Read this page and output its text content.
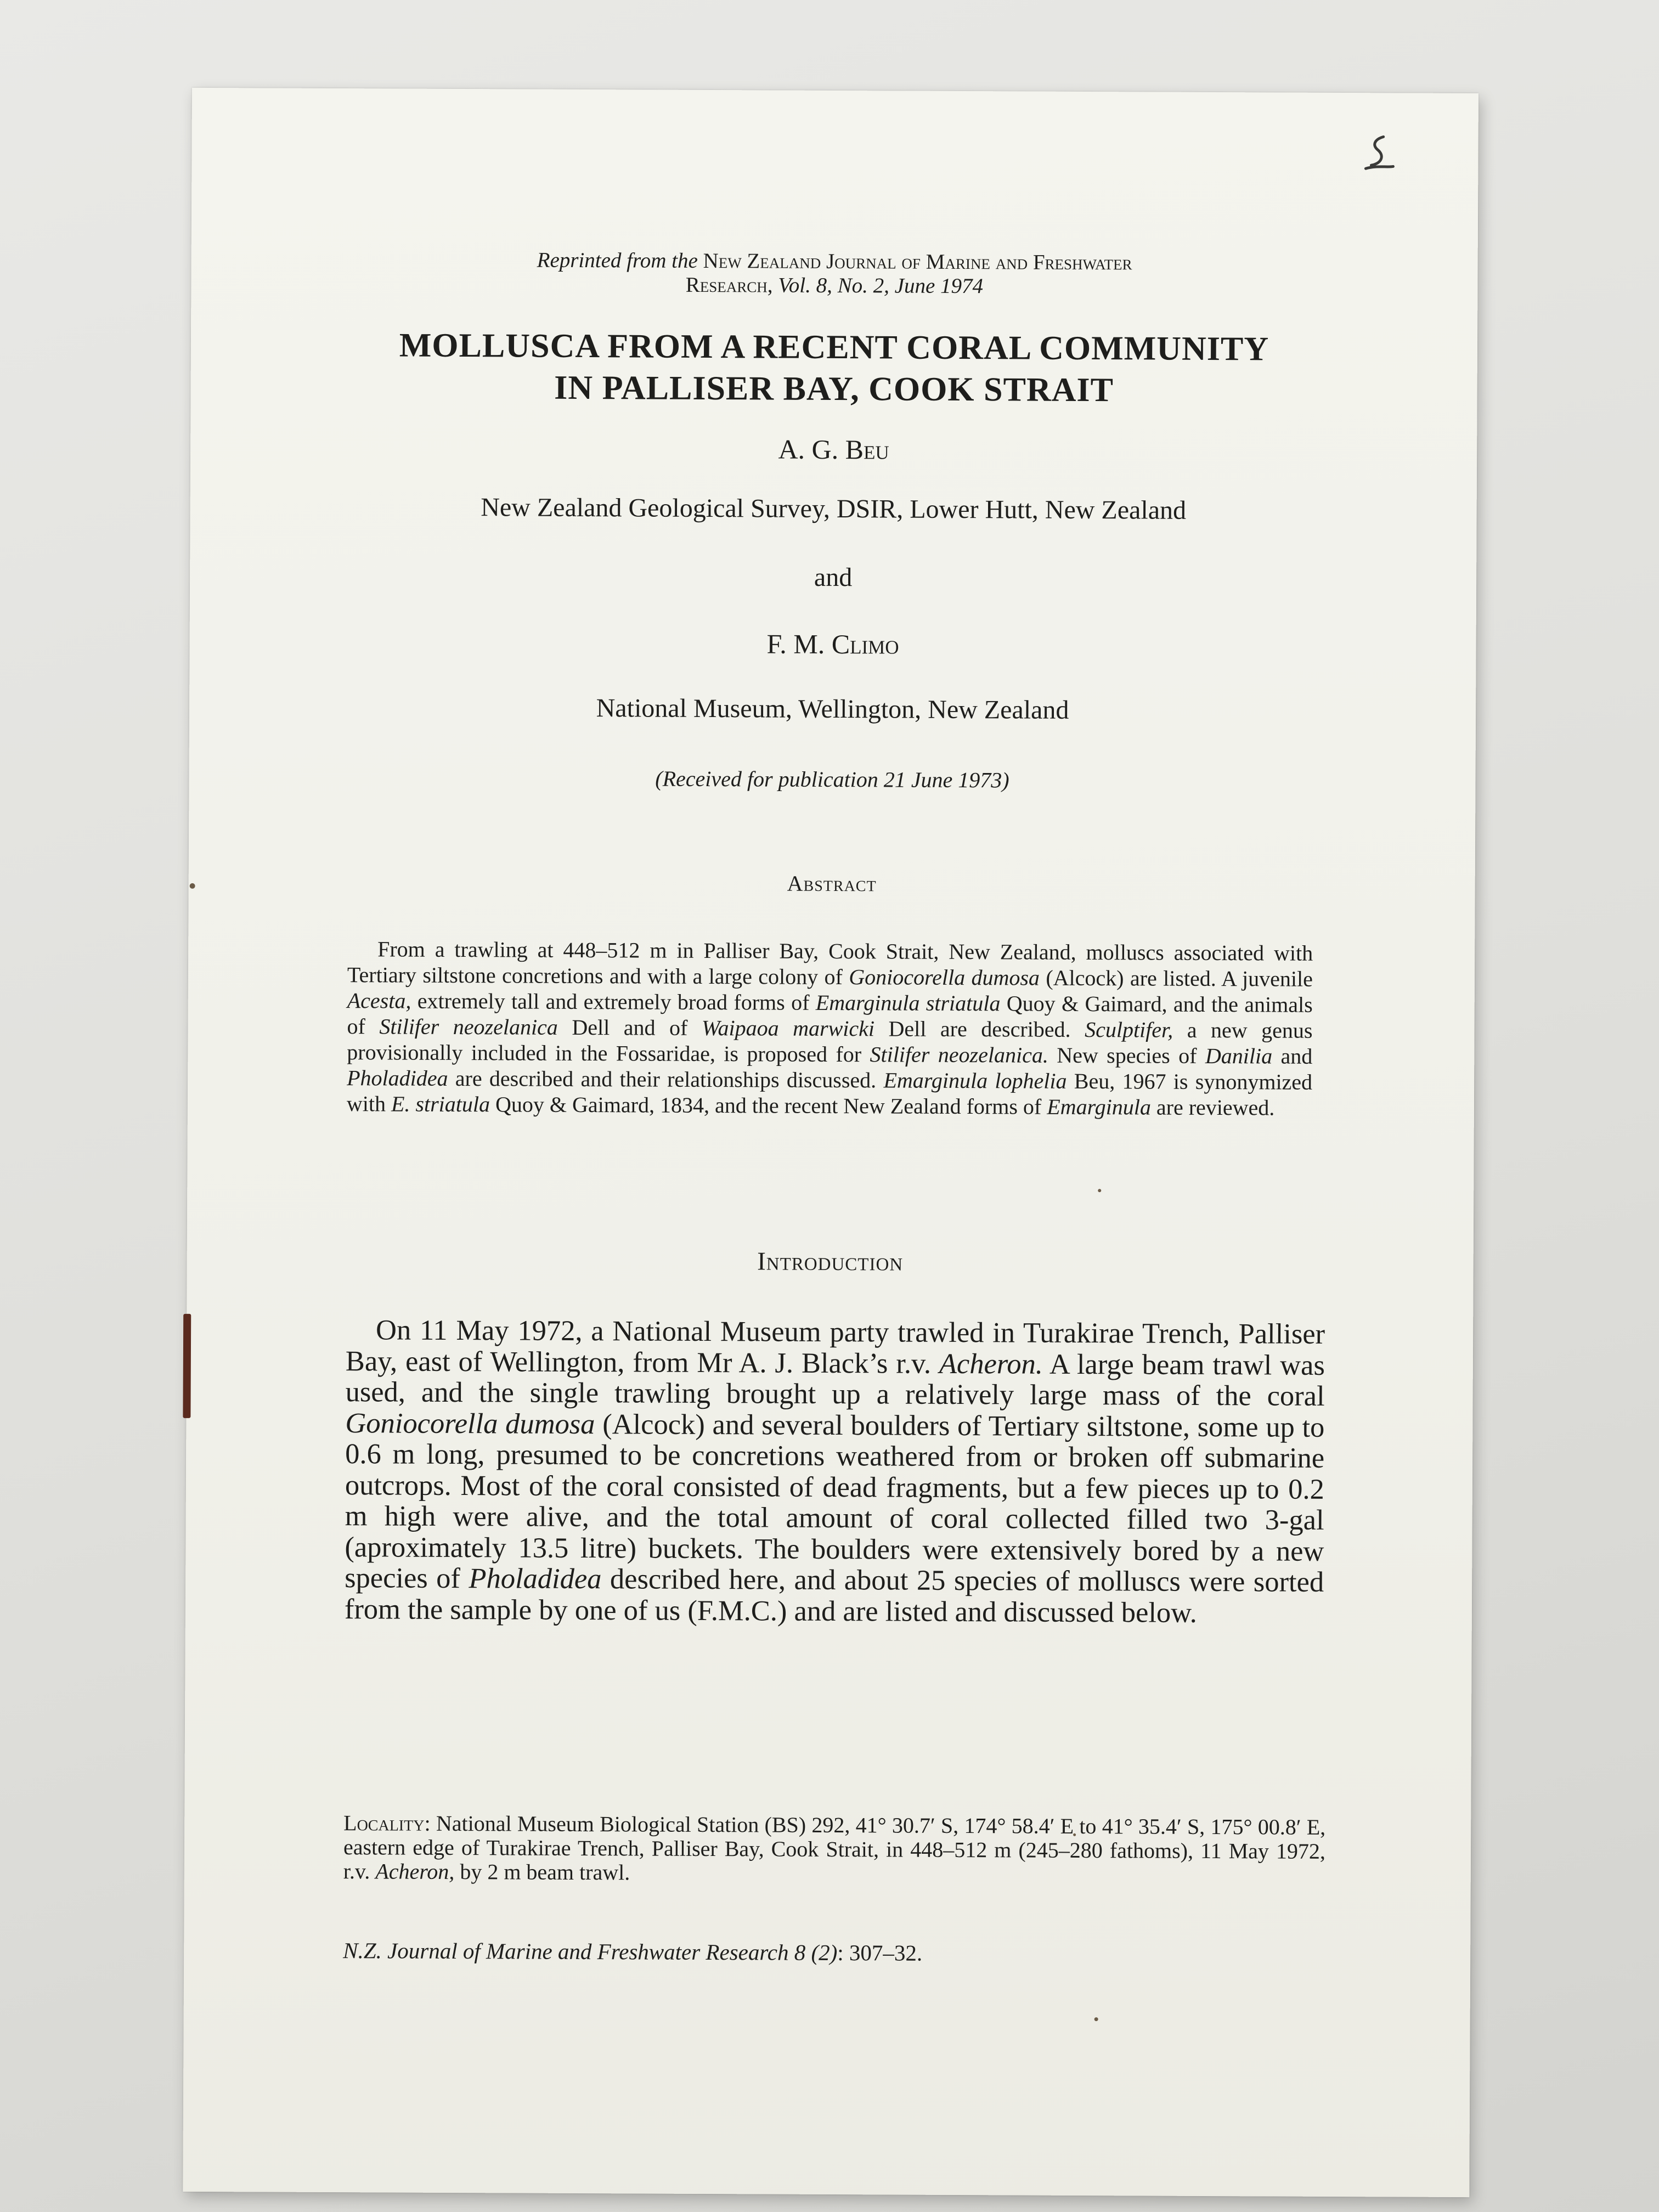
Reprinted from the New Zealand Journal of Marine and Freshwater
Research, Vol. 8, No. 2, June 1974
MOLLUSCA FROM A RECENT CORAL COMMUNITY
IN PALLISER BAY, COOK STRAIT
A. G. Beu
New Zealand Geological Survey, DSIR, Lower Hutt, New Zealand
and
F. M. Climo
National Museum, Wellington, New Zealand
(Received for publication 21 June 1973)
Abstract
From a trawling at 448–512 m in Palliser Bay, Cook Strait, New Zealand, molluscs associated with Tertiary siltstone concretions and with a large colony of Goniocorella dumosa (Alcock) are listed. A juvenile Acesta, extremely tall and extremely broad forms of Emarginula striatula Quoy & Gaimard, and the animals of Stilifer neozelanica Dell and of Waipaoa marwicki Dell are described. Sculptifer, a new genus provisionally included in the Fossaridae, is proposed for Stilifer neozelanica. New species of Danilia and Pholadidea are described and their relationships discussed. Emarginula lophelia Beu, 1967 is synonymized with E. striatula Quoy & Gaimard, 1834, and the recent New Zealand forms of Emarginula are reviewed.
Introduction
On 11 May 1972, a National Museum party trawled in Turakirae Trench, Palliser Bay, east of Wellington, from Mr A. J. Black’s r.v. Acheron. A large beam trawl was used, and the single trawling brought up a relatively large mass of the coral Goniocorella dumosa (Alcock) and several boulders of Tertiary siltstone, some up to 0.6 m long, presumed to be concretions weathered from or broken off submarine outcrops. Most of the coral consisted of dead fragments, but a few pieces up to 0.2 m high were alive, and the total amount of coral collected filled two 3-gal (aproximately 13.5 litre) buckets. The boulders were extensively bored by a new species of Pholadidea described here, and about 25 species of molluscs were sorted from the sample by one of us (F.M.C.) and are listed and discussed below.
Locality: National Museum Biological Station (BS) 292, 41° 30.7′ S, 174° 58.4′ E to 41° 35.4′ S, 175° 00.8′ E, eastern edge of Turakirae Trench, Palliser Bay, Cook Strait, in 448–512 m (245–280 fathoms), 11 May 1972, r.v. Acheron, by 2 m beam trawl.
N.Z. Journal of Marine and Freshwater Research 8 (2): 307–32.
